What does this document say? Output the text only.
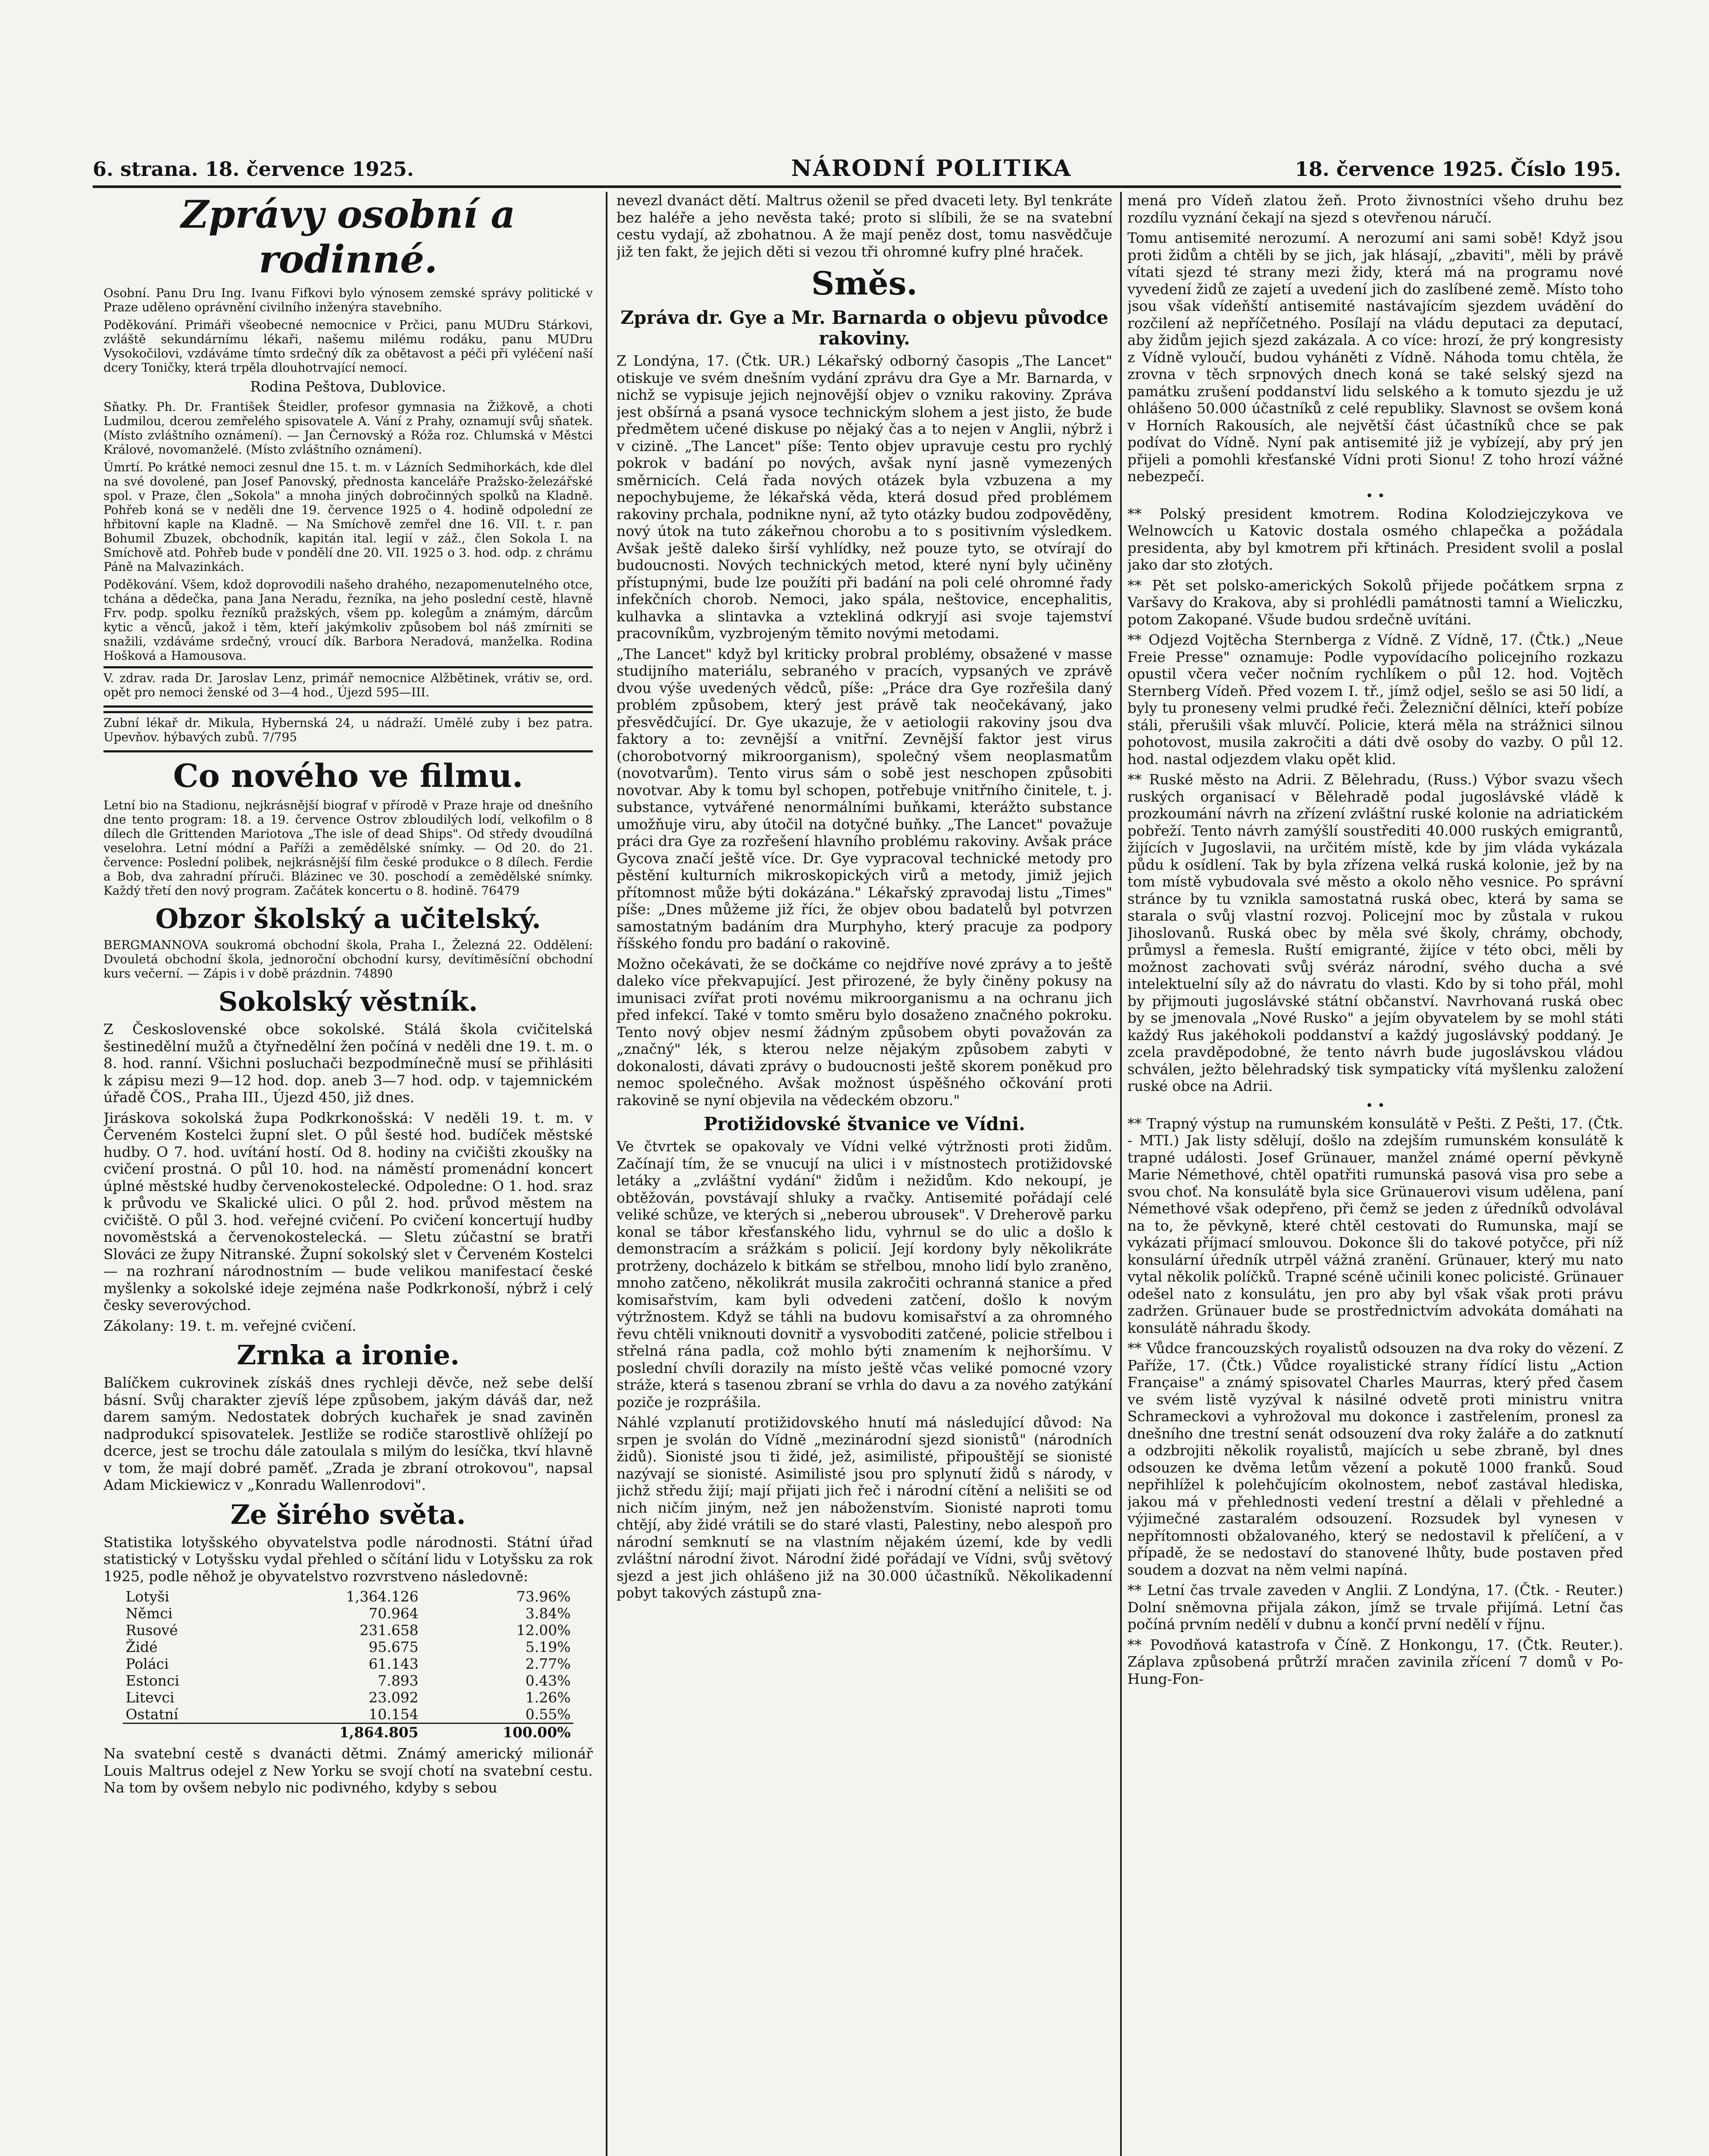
6. strana. 18. července 1925.	NÁRODNÍ POLITIKA	18. července 1925. Číslo 195.
Zprávy osobní a rodinné.

Osobní. Panu Dru Ing. Ivanu Fifkovi bylo výnosem zemské správy politické v Praze uděleno oprávnění civilního inženýra stavebního.

Poděkování. Primáři všeobecné nemocnice v Prčici, panu MUDru Stárkovi, zvláště sekundárnímu lékaři, našemu milému rodáku, panu MUDru Vysokočilovi, vzdáváme tímto srdečný dík za obětavost a péči při vyléčení naší dcery Toničky, která trpěla dlouhotrvající nemocí.

Rodina Peštova, Dublovice.

Sňatky. Ph. Dr. František Šteidler, profesor gymnasia na Žižkově, a choti Ludmilou, dcerou zemřelého spisovatele A. Vání z Prahy, oznamují svůj sňatek. (Místo zvláštního oznámení). — Jan Černovský a Róža roz. Chlumská v Městci Králové, novomanželé. (Místo zvláštního oznámení).

Úmrtí. Po krátké nemoci zesnul dne 15. t. m. v Lázních Sedmihorkách, kde dlel na své dovolené, pan Josef Panovský, přednosta kanceláře Pražsko-železářské spol. v Praze, člen „Sokola" a mnoha jiných dobročinných spolků na Kladně. Pohřeb koná se v neděli dne 19. července 1925 o 4. hodině odpolední ze hřbitovní kaple na Kladně. — Na Smíchově zemřel dne 16. VII. t. r. pan Bohumil Zbuzek, obchodník, kapitán ital. legií v záž., člen Sokola I. na Smíchově atd. Pohřeb bude v pondělí dne 20. VII. 1925 o 3. hod. odp. z chrámu Páně na Malvazinkách.

Poděkování. Všem, kdož doprovodili našeho drahého, nezapomenutelného otce, tchána a dědečka, pana Jana Neradu, řezníka, na jeho poslední cestě, hlavně Frv. podp. spolku řezníků pražských, všem pp. kolegům a známým, dárcům kytic a věnců, jakož i těm, kteří jakýmkoliv způsobem bol náš zmírniti se snažili, vzdáváme srdečný, vroucí dík. Barbora Neradová, manželka. Rodina Hošková a Hamousova.

V. zdrav. rada Dr. Jaroslav Lenz, primář nemocnice Alžbětinek, vrátiv se, ord. opět pro nemoci ženské od 3—4 hod., Újezd 595—III.

Zubní lékař dr. Mikula, Hybernská 24, u nádraží. Umělé zuby i bez patra. Upevňov. hýbavých zubů. 7/795

Co nového ve filmu.

Letní bio na Stadionu, nejkrásnější biograf v přírodě v Praze hraje od dnešního dne tento program: 18. a 19. července Ostrov zbloudilých lodí, velkofilm o 8 dílech dle Grittenden Mariotova „The isle of dead Ships". Od středy dvoudílná veselohra. Letní módní a Paříži a zemědělské snímky. — Od 20. do 21. července: Poslední polibek, nejkrásnější film české produkce o 8 dílech. Ferdie a Bob, dva zahradní příruči. Blázinec ve 30. poschodí a zemědělské snímky. Každý třetí den nový program. Začátek koncertu o 8. hodině. 76479

Obzor školský a učitelský.

BERGMANNOVA soukromá obchodní škola, Praha I., Železná 22. Oddělení: Dvouletá obchodní škola, jednoroční obchodní kursy, devítiměsíční obchodní kurs večerní. — Zápis i v době prázdnin. 74890

Sokolský věstník.

Z Československé obce sokolské. Stálá škola cvičitelská šestinedělní mužů a čtyřnedělní žen počíná v neděli dne 19. t. m. o 8. hod. ranní. Všichni posluchači bezpodmínečně musí se přihlásiti k zápisu mezi 9—12 hod. dop. aneb 3—7 hod. odp. v tajemnickém úřadě ČOS., Praha III., Újezd 450, již dnes.

Jiráskova sokolská župa Podkrkonošská: V neděli 19. t. m. v Červeném Kostelci župní slet. O půl šesté hod. budíček městské hudby. O 7. hod. uvítání hostí. Od 8. hodiny na cvičišti zkoušky na cvičení prostná. O půl 10. hod. na náměstí promenádní koncert úplné městské hudby červenokostelecké. Odpoledne: O 1. hod. sraz k průvodu ve Skalické ulici. O půl 2. hod. průvod městem na cvičiště. O půl 3. hod. veřejné cvičení. Po cvičení koncertují hudby novoměstská a červenokostelecká. — Sletu zúčastní se bratři Slováci ze župy Nitranské. Župní sokolský slet v Červeném Kostelci — na rozhraní národnostním — bude velikou manifestací české myšlenky a sokolské ideje zejména naše Podkrkonoší, nýbrž i celý česky severovýchod.

Zákolany: 19. t. m. veřejné cvičení.

Zrnka a ironie.

Balíčkem cukrovinek získáš dnes rychleji děvče, než sebe delší básní. Svůj charakter zjevíš lépe způsobem, jakým dáváš dar, než darem samým. Nedostatek dobrých kuchařek je snad zaviněn nadprodukcí spisovatelek. Jestliže se rodiče starostlivě ohlížejí po dcerce, jest se trochu dále zatoulala s milým do lesíčka, tkví hlavně v tom, že mají dobré paměť. „Zrada je zbraní otrokovou", napsal Adam Mickiewicz v „Konradu Wallenrodovi".

Ze širého světa.

Statistika lotyšského obyvatelstva podle národnosti. Státní úřad statistický v Lotyšsku vydal přehled o sčítání lidu v Lotyšsku za rok 1925, podle něhož je obyvatelstvo rozvrstveno následovně:

Lotyši	1,364.126	73.96%
Němci	70.964	3.84%
Rusové	231.658	12.00%
Židé	95.675	5.19%
Poláci	61.143	2.77%
Estonci	7.893	0.43%
Litevci	23.092	1.26%
Ostatní	10.154	0.55%
	1,864.805	100.00%

Na svatební cestě s dvanácti dětmi. Známý americký milionář Louis Maltrus odejel z New Yorku se svojí chotí na svatební cestu. Na tom by ovšem nebylo nic podivného, kdyby s sebou

nevezl dvanáct dětí. Maltrus oženil se před dvaceti lety. Byl tenkráte bez haléře a jeho nevěsta také; proto si slíbili, že se na svatební cestu vydají, až zbohatnou. A že mají peněz dost, tomu nasvědčuje již ten fakt, že jejich děti si vezou tři ohromné kufry plné hraček.

Směs.
Zpráva dr. Gye a Mr. Barnarda o objevu původce rakoviny.

Z Londýna, 17. (Čtk. UR.) Lékařský odborný časopis „The Lancet" otiskuje ve svém dnešním vydání zprávu dra Gye a Mr. Barnarda, v nichž se vypisuje jejich nejnovější objev o vzniku rakoviny. Zpráva jest obšírná a psaná vysoce technickým slohem a jest jisto, že bude předmětem učené diskuse po nějaký čas a to nejen v Anglii, nýbrž i v cizině. „The Lancet" píše: Tento objev upravuje cestu pro rychlý pokrok v badání po nových, avšak nyní jasně vymezených směrnicích. Celá řada nových otázek byla vzbuzena a my nepochybujeme, že lékařská věda, která dosud před problémem rakoviny prchala, podnikne nyní, až tyto otázky budou zodpověděny, nový útok na tuto zákeřnou chorobu a to s positivním výsledkem. Avšak ještě daleko širší vyhlídky, než pouze tyto, se otvírají do budoucnosti. Nových technických metod, které nyní byly učiněny přístupnými, bude lze použíti při badání na poli celé ohromné řady infekčních chorob. Nemoci, jako spála, neštovice, encephalitis, kulhavka a slintavka a vztekliná odkryjí asi svoje tajemství pracovníkům, vyzbrojeným těmito novými metodami.

„The Lancet" když byl kriticky probral problémy, obsažené v masse studijního materiálu, sebraného v pracích, vypsaných ve zprávě dvou výše uvedených vědců, píše: „Práce dra Gye rozřešila daný problém způsobem, který jest právě tak neočekávaný, jako přesvědčující. Dr. Gye ukazuje, že v aetiologii rakoviny jsou dva faktory a to: zevnější a vnitřní. Zevnější faktor jest virus (chorobotvorný mikroorganism), společný všem neoplasmatům (novotvarům). Tento virus sám o sobě jest neschopen způsobiti novotvar. Aby k tomu byl schopen, potřebuje vnitřního činitele, t. j. substance, vytvářené nenormálními buňkami, kterážto substance umožňuje viru, aby útočil na dotyčné buňky. „The Lancet" považuje práci dra Gye za rozřešení hlavního problému rakoviny. Avšak práce Gycova značí ještě více. Dr. Gye vypracoval technické metody pro pěstění kulturních mikroskopických virů a metody, jimiž jejich přítomnost může býti dokázána." Lékařský zpravodaj listu „Times" píše: „Dnes můžeme již říci, že objev obou badatelů byl potvrzen samostatným badáním dra Murphyho, který pracuje za podpory říšského fondu pro badání o rakovině.

Možno očekávati, že se dočkáme co nejdříve nové zprávy a to ještě daleko více překvapující. Jest přirozené, že byly činěny pokusy na imunisaci zvířat proti novému mikroorganismu a na ochranu jich před infekcí. Také v tomto směru bylo dosaženo značného pokroku. Tento nový objev nesmí žádným způsobem obyti považován za „značný" lék, s kterou nelze nějakým způsobem zabyti v dokonalosti, dávati zprávy o budoucnosti ještě skorem poněkud pro nemoc společného. Avšak možnost úspěšného očkování proti rakovině se nyní objevila na vědeckém obzoru."

Protižidovské štvanice ve Vídni.

Ve čtvrtek se opakovaly ve Vídni velké výtržnosti proti židům. Začínají tím, že se vnucují na ulici i v místnostech protižidovské letáky a „zvláštní vydání" židům i nežidům. Kdo nekoupí, je obtěžován, povstávají shluky a rvačky. Antisemité pořádají celé veliké schůze, ve kterých si „neberou ubrousek". V Dreherově parku konal se tábor křesťanského lidu, vyhrnul se do ulic a došlo k demonstracím a srážkám s policií. Její kordony byly několikráte protrženy, docházelo k bitkám se střelbou, mnoho lidí bylo zraněno, mnoho zatčeno, několikrát musila zakročiti ochranná stanice a před komisařstvím, kam byli odvedeni zatčení, došlo k novým výtržnostem. Když se táhli na budovu komisařství a za ohromného řevu chtěli vniknouti dovnitř a vysvoboditi zatčené, policie střelbou i střelná rána padla, což mohlo býti znamením k nejhoršímu. V poslední chvíli dorazily na místo ještě včas veliké pomocné vzory stráže, která s tasenou zbraní se vrhla do davu a za nového zatýkání poziče je rozprášila.

Náhlé vzplanutí protižidovského hnutí má následující důvod: Na srpen je svolán do Vídně „mezinárodní sjezd sionistů" (národních židů). Sionisté jsou ti židé, jež, asimilisté, připouštějí se sionisté nazývají se sionisté. Asimilisté jsou pro splynutí židů s národy, v jichž středu žijí; mají přijati jich řeč i národní cítění a nelišiti se od nich ničím jiným, než jen náboženstvím. Sionisté naproti tomu chtějí, aby židé vrátili se do staré vlasti, Palestiny, nebo alespoň pro národní semknutí se na vlastním nějakém území, kde by vedli zvláštní národní život. Národní židé pořádají ve Vídni, svůj světový sjezd a jest jich ohlášeno již na 30.000 účastníků. Několikadenní pobyt takových zástupů zna-

mená pro Vídeň zlatou žeň. Proto živnostníci všeho druhu bez rozdílu vyznání čekají na sjezd s otevřenou náručí.

Tomu antisemité nerozumí. A nerozumí ani sami sobě! Když jsou proti židům a chtěli by se jich, jak hlásají, „zbaviti", měli by právě vítati sjezd té strany mezi židy, která má na programu nové vyvedení židů ze zajetí a uvedení jich do zaslíbené země. Místo toho jsou však vídeňští antisemité nastávajícím sjezdem uvádění do rozčilení až nepříčetného. Posílají na vládu deputaci za deputací, aby židům jejich sjezd zakázala. A co více: hrozí, že prý kongresisty z Vídně vyloučí, budou vyháněti z Vídně. Náhoda tomu chtěla, že zrovna v těch srpnových dnech koná se také selský sjezd na památku zrušení poddanství lidu selského a k tomuto sjezdu je už ohlášeno 50.000 účastníků z celé republiky. Slavnost se ovšem koná v Horních Rakousích, ale největší část účastníků chce se pak podívat do Vídně. Nyní pak antisemité již je vybízejí, aby prý jen přijeli a pomohli křesťanské Vídni proti Sionu! Z toho hrozí vážné nebezpečí.

• •

** Polský president kmotrem. Rodina Kolodziejczykova ve Welnowcích u Katovic dostala osmého chlapečka a požádala presidenta, aby byl kmotrem při křtinách. President svolil a poslal jako dar sto złotých.

** Pět set polsko-amerických Sokolů přijede počátkem srpna z Varšavy do Krakova, aby si prohlédli památnosti tamní a Wieliczku, potom Zakopané. Všude budou srdečně uvítáni.

** Odjezd Vojtěcha Sternberga z Vídně. Z Vídně, 17. (Čtk.) „Neue Freie Presse" oznamuje: Podle vypovídacího policejního rozkazu opustil včera večer nočním rychlíkem o půl 12. hod. Vojtěch Sternberg Vídeň. Před vozem I. tř., jímž odjel, sešlo se asi 50 lidí, a byly tu proneseny velmi prudké řeči. Železniční dělníci, kteří pobíze stáli, přerušili však mluvčí. Policie, která měla na strážnici silnou pohotovost, musila zakročiti a dáti dvě osoby do vazby. O půl 12. hod. nastal odjezdem vlaku opět klid.

** Ruské město na Adrii. Z Bělehradu, (Russ.) Výbor svazu všech ruských organisací v Bělehradě podal jugoslávské vládě k prozkoumání návrh na zřízení zvláštní ruské kolonie na adriatickém pobřeží. Tento návrh zamýšlí soustřediti 40.000 ruských emigrantů, žijících v Jugoslavii, na určitém místě, kde by jim vláda vykázala půdu k osídlení. Tak by byla zřízena velká ruská kolonie, jež by na tom místě vybudovala své město a okolo něho vesnice. Po správní stránce by tu vznikla samostatná ruská obec, která by sama se starala o svůj vlastní rozvoj. Policejní moc by zůstala v rukou Jihoslovanů. Ruská obec by měla své školy, chrámy, obchody, průmysl a řemesla. Ruští emigranté, žijíce v této obci, měli by možnost zachovati svůj svéráz národní, svého ducha a své intelektuelní síly až do návratu do vlasti. Kdo by si toho přál, mohl by přijmouti jugoslávské státní občanství. Navrhovaná ruská obec by se jmenovala „Nové Rusko" a jejím obyvatelem by se mohl státi každý Rus jakéhokoli poddanství a každý jugoslávský poddaný. Je zcela pravděpodobné, že tento návrh bude jugoslávskou vládou schválen, ježto bělehradský tisk sympaticky vítá myšlenku založení ruské obce na Adrii.

• •

** Trapný výstup na rumunském konsulátě v Pešti. Z Pešti, 17. (Čtk. - MTI.) Jak listy sdělují, došlo na zdejším rumunském konsulátě k trapné události. Josef Grünauer, manžel známé operní pěvkyně Marie Némethové, chtěl opatřiti rumunská pasová visa pro sebe a svou choť. Na konsulátě byla sice Grünauerovi visum udělena, paní Némethové však odepřeno, při čemž se jeden z úředníků odvolával na to, že pěvkyně, které chtěl cestovati do Rumunska, mají se vykázati příjmací smlouvou. Dokonce šli do takové potyčce, při níž konsulární úředník utrpěl vážná zranění. Grünauer, který mu nato vytal několik políčků. Trapné scéně učinili konec policisté. Grünauer odešel nato z konsulátu, jen pro aby byl však však proti právu zadržen. Grünauer bude se prostřednictvím advokáta domáhati na konsulátě náhradu škody.

** Vůdce francouzských royalistů odsouzen na dva roky do vězení. Z Paříže, 17. (Čtk.) Vůdce royalistické strany řídící listu „Action Française" a známý spisovatel Charles Maurras, který před časem ve svém listě vyzýval k násilné odvetě proti ministru vnitra Schrameckovi a vyhrožoval mu dokonce i zastřelením, pronesl za dnešního dne trestní senát odsouzení dva roky žaláře a do zatknutí a odzbrojiti několik royalistů, majících u sebe zbraně, byl dnes odsouzen ke dvěma letům vězení a pokutě 1000 franků. Soud nepřihlížel k polehčujícím okolnostem, neboť zastával hlediska, jakou má v přehlednosti vedení trestní a dělali v přehledné a výjimečné zastaralém odsouzení. Rozsudek byl vynesen v nepřítomnosti obžalovaného, který se nedostavil k přelíčení, a v případě, že se nedostaví do stanovené lhůty, bude postaven před soudem a dozvat na něm velmi napíná.

** Letní čas trvale zaveden v Anglii. Z Londýna, 17. (Čtk. - Reuter.) Dolní sněmovna přijala zákon, jímž se trvale přijímá. Letní čas počíná prvním nedělí v dubnu a končí první nedělí v říjnu.

** Povodňová katastrofa v Číně. Z Honkongu, 17. (Čtk. Reuter.). Záplava způsobená průtrží mračen zavinila zřícení 7 domů v Po-Hung-Fon-
